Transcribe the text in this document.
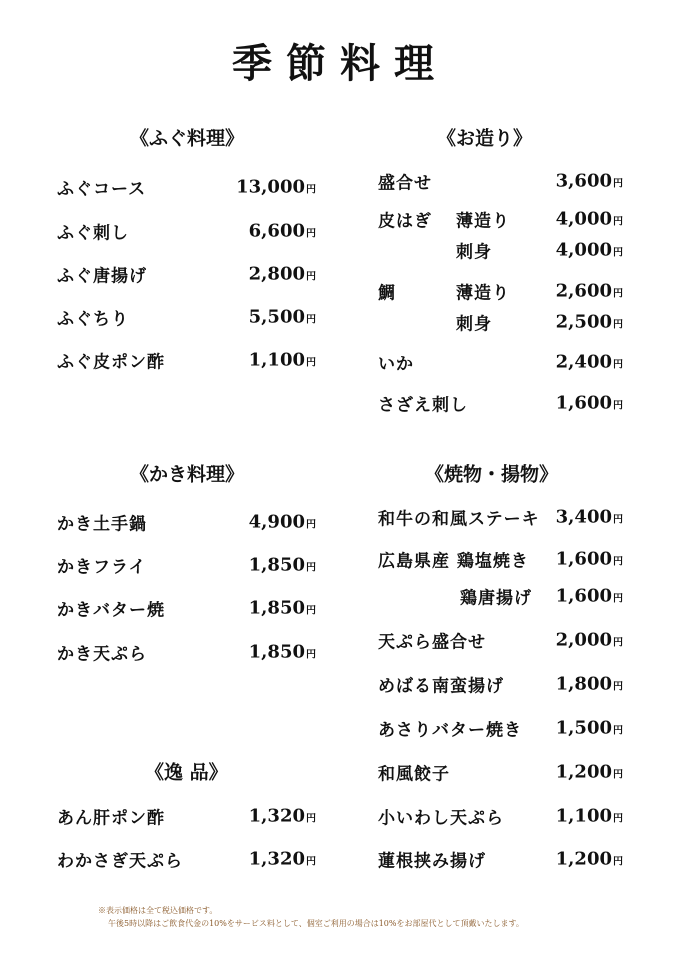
季節料理
《ふぐ料理》
ふぐコース	13,000円
ふぐ刺し	6,600円
ふぐ唐揚げ	2,800円
ふぐちり	5,500円
ふぐ皮ポン酢	1,100円
《かき料理》
かき土手鍋	4,900円
かきフライ	1,850円
かきバター焼	1,850円
かき天ぷら	1,850円
《逸 品》
あん肝ポン酢	1,320円
わかさぎ天ぷら	1,320円
《お造り》
盛合せ	3,600円
皮はぎ 薄造り	4,000円
刺身	4,000円
鯛	薄造り	2,600円
刺身	2,500円
いか	2,400円
さざえ刺し	1,600円
《焼物・揚物》
和牛の和風ステーキ 3,400円
広島県産 鶏塩焼き 1,600円
鶏唐揚げ 1,600円
天ぷら盛合せ	2,000円
めばる南蛮揚げ	1,800円
あさりバター焼き 1,500円
和風餃子	1,200円
小いわし天ぷら	1,100円
蓮根挟み揚げ	1,200円
※表示価格は全て税込価格です。
午後5時以降はご飲食代金の10%をサービス料として、個室ご利用の場合は10%をお部屋代として頂戴いたします。
